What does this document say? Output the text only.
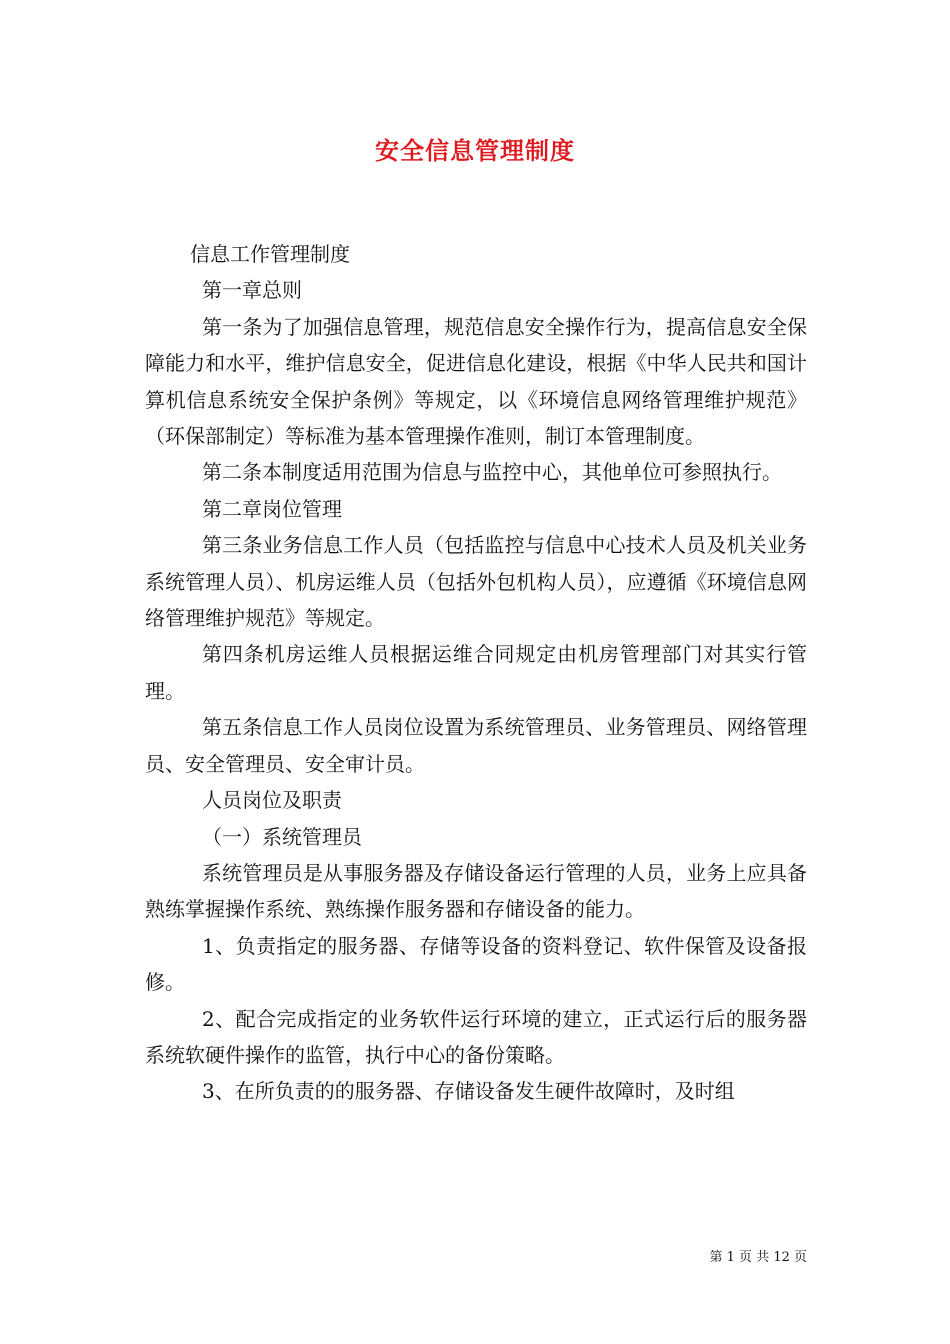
安全信息管理制度

信息工作管理制度

第一章总则

第一条为了加强信息管理，规范信息安全操作行为，提高信息安全保障能力和水平，维护信息安全，促进信息化建设，根据《中华人民共和国计算机信息系统安全保护条例》等规定，以《环境信息网络管理维护规范》（环保部制定）等标准为基本管理操作准则，制订本管理制度。

第二条本制度适用范围为信息与监控中心，其他单位可参照执行。

第二章岗位管理

第三条业务信息工作人员（包括监控与信息中心技术人员及机关业务系统管理人员）、机房运维人员（包括外包机构人员），应遵循《环境信息网络管理维护规范》等规定。

第四条机房运维人员根据运维合同规定由机房管理部门对其实行管理。

第五条信息工作人员岗位设置为系统管理员、业务管理员、网络管理员、安全管理员、安全审计员。

人员岗位及职责

（一）系统管理员

系统管理员是从事服务器及存储设备运行管理的人员，业务上应具备熟练掌握操作系统、熟练操作服务器和存储设备的能力。

1、负责指定的服务器、存储等设备的资料登记、软件保管及设备报修。

2、配合完成指定的业务软件运行环境的建立，正式运行后的服务器系统软硬件操作的监管，执行中心的备份策略。

3、在所负责的的服务器、存储设备发生硬件故障时，及时组

第 1 页 共 12 页
